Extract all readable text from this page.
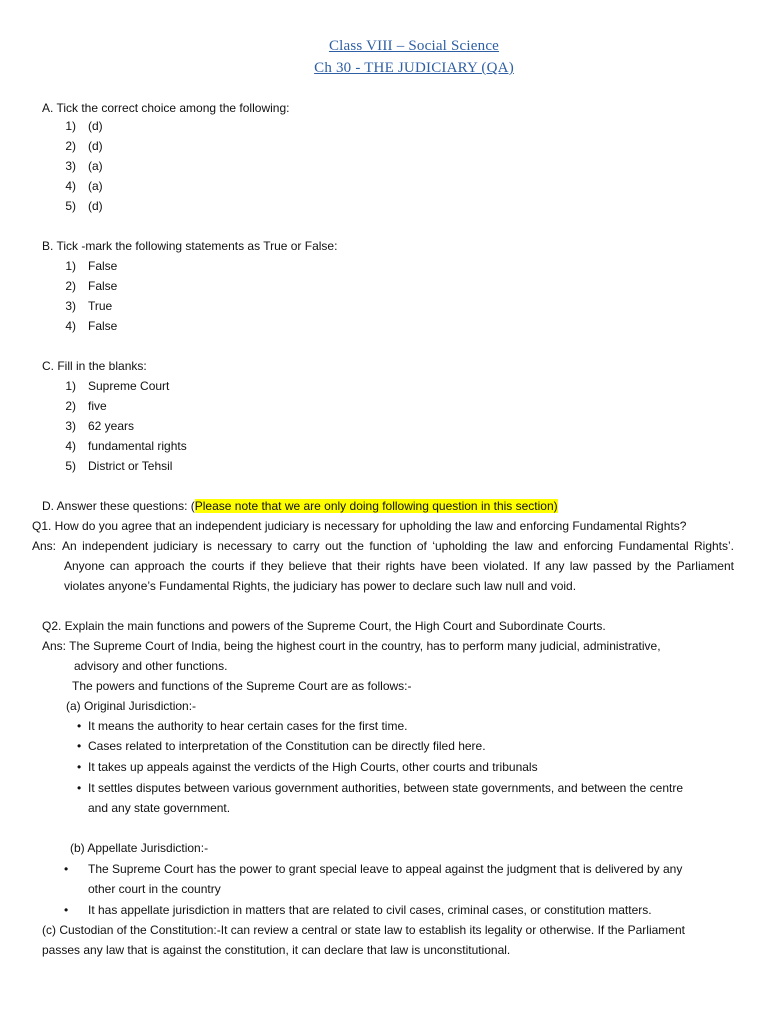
Class VIII – Social Science
Ch 30 - THE JUDICIARY (QA)
A. Tick the correct choice among the following:
1) (d)
2) (d)
3) (a)
4) (a)
5) (d)
B. Tick -mark the following statements as True or False:
1) False
2) False
3) True
4) False
C. Fill in the blanks:
1) Supreme Court
2) five
3) 62 years
4) fundamental rights
5) District or Tehsil
D. Answer these questions: (Please note that we are only doing following question in this section)
Q1. How do you agree that an independent judiciary is necessary for upholding the law and enforcing Fundamental Rights?
Ans: An independent judiciary is necessary to carry out the function of ‘upholding the law and enforcing Fundamental Rights’. Anyone can approach the courts if they believe that their rights have been violated. If any law passed by the Parliament violates anyone’s Fundamental Rights, the judiciary has power to declare such law null and void.
Q2. Explain the main functions and powers of the Supreme Court, the High Court and Subordinate Courts.
Ans: The Supreme Court of India, being the highest court in the country, has to perform many judicial, administrative,
advisory and other functions.
The powers and functions of the Supreme Court are as follows:-
(a) Original Jurisdiction:-
• It means the authority to hear certain cases for the first time.
• Cases related to interpretation of the Constitution can be directly filed here.
• It takes up appeals against the verdicts of the High Courts, other courts and tribunals
• It settles disputes between various government authorities, between state governments, and between the centre
and any state government.
(b) Appellate Jurisdiction:-
• The Supreme Court has the power to grant special leave to appeal against the judgment that is delivered by any
other court in the country
• It has appellate jurisdiction in matters that are related to civil cases, criminal cases, or constitution matters.
(c) Custodian of the Constitution:-It can review a central or state law to establish its legality or otherwise. If the Parliament
passes any law that is against the constitution, it can declare that law is unconstitutional.
